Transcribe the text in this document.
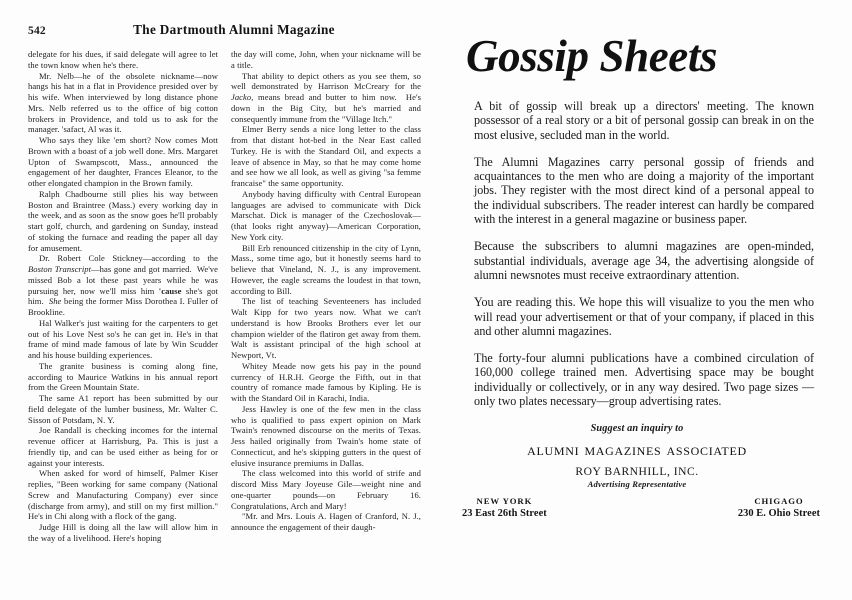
542	The Dartmouth Alumni Magazine

delegate for his dues, if said delegate will agree to let the town know when he's there.

Mr. Nelb—he of the obsolete nickname—now hangs his hat in a flat in Providence presided over by his wife. When interviewed by long distance phone Mrs. Nelb referred us to the office of big cotton brokers in Providence, and told us to ask for the manager. 'safact, Al was it.

Who says they like 'em short? Now comes Mott Brown with a boast of a job well done. Mrs. Margaret Upton of Swampscott, Mass., announced the engagement of her daughter, Frances Eleanor, to the other elongated champion in the Brown family.

Ralph Chadbourne still plies his way between Boston and Braintree (Mass.) every working day in the week, and as soon as the snow goes he'll probably start golf, church, and gardening on Sunday, instead of stoking the furnace and reading the paper all day for amusement.

Dr. Robert Cole Stickney—according to the Boston Transcript—has gone and got married.  We've missed Bob a lot these past years while he was pursuing her, now we'll miss him 'cause she's got him.  She being the former Miss Dorothea I. Fuller of Brookline.

Hal Walker's just waiting for the carpenters to get out of his Love Nest so's he can get in. He's in that frame of mind made famous of late by Win Scudder and his house building experiences.

The granite business is coming along fine, according to Maurice Watkins in his annual report from the Green Mountain State.

The same A1 report has been submitted by our field delegate of the lumber business, Mr. Walter C. Sisson of Potsdam, N. Y.

Joe Randall is checking incomes for the internal revenue officer at Harrisburg, Pa. This is just a friendly tip, and can be used either as being for or against your interests.

When asked for word of himself, Palmer Kiser replies, "Been working for same company (National Screw and Manufacturing Company) ever since (discharge from army), and still on my first million." He's in Chi along with a flock of the gang.

Judge Hill is doing all the law will allow him in the way of a livelihood. Here's hoping

the day will come, John, when your nickname will be a title.

That ability to depict others as you see them, so well demonstrated by Harrison McCreary for the Jacko, means bread and butter to him now.  He's down in the Big City, but he's married and consequently immune from the "Village Itch."

Elmer Berry sends a nice long letter to the class from that distant hot-bed in the Near East called Turkey. He is with the Standard Oil, and expects a leave of absence in May, so that he may come home and see how we all look, as well as giving "sa femme francaise" the same opportunity.

Anybody having difficulty with Central European languages are advised to communicate with Dick Marschat. Dick is manager of the Czechoslovak—(that looks right anyway)—American Corporation, New York city.

Bill Erb renounced citizenship in the city of Lynn, Mass., some time ago, but it honestly seems hard to believe that Vineland, N. J., is any improvement. However, the eagle screams the loudest in that town, according to Bill.

The list of teaching Seventeeners has included Walt Kipp for two years now. What we can't understand is how Brooks Brothers ever let our champion wielder of the flatiron get away from them. Walt is assistant principal of the high school at Newport, Vt.

Whitey Meade now gets his pay in the pound currency of H.R.H. George the Fifth, out in that country of romance made famous by Kipling. He is with the Standard Oil in Karachi, India.

Jess Hawley is one of the few men in the class who is qualified to pass expert opinion on Mark Twain's renowned discourse on the merits of Texas. Jess hailed originally from Twain's home state of Connecticut, and he's skipping gutters in the quest of elusive insurance premiums in Dallas.

The class welcomed into this world of strife and discord Miss Mary Joyeuse Gile—weight nine and one-quarter pounds—on February 16. Congratulations, Arch and Mary!

"Mr. and Mrs. Louis A. Hagen of Cranford, N. J., announce the engagement of their daugh-

Gossip Sheets

A bit of gossip will break up a directors' meeting. The known possessor of a real story or a bit of personal gossip can break in on the most elusive, secluded man in the world.

The Alumni Magazines carry personal gossip of friends and acquaintances to the men who are doing a majority of the important jobs. They register with the most direct kind of a personal appeal to the individual subscribers. The reader interest can hardly be compared with the interest in a general magazine or business paper.

Because the subscribers to alumni magazines are open-minded, substantial individuals, average age 34, the advertising alongside of alumni newsnotes must receive extraordinary attention.

You are reading this. We hope this will visualize to you the men who will read your advertisement or that of your company, if placed in this and other alumni magazines.

The forty-four alumni publications have a combined circulation of 160,000 college trained men. Advertising space may be bought individually or collectively, or in any way desired. Two page sizes —only two plates necessary—group advertising rates.

Suggest an inquiry to
alumni magazines associated
ROY BARNHILL, INC.
Advertising Representative
NEW YORK
23 East 26th Street
CHIGAGO
230 E. Ohio Street
